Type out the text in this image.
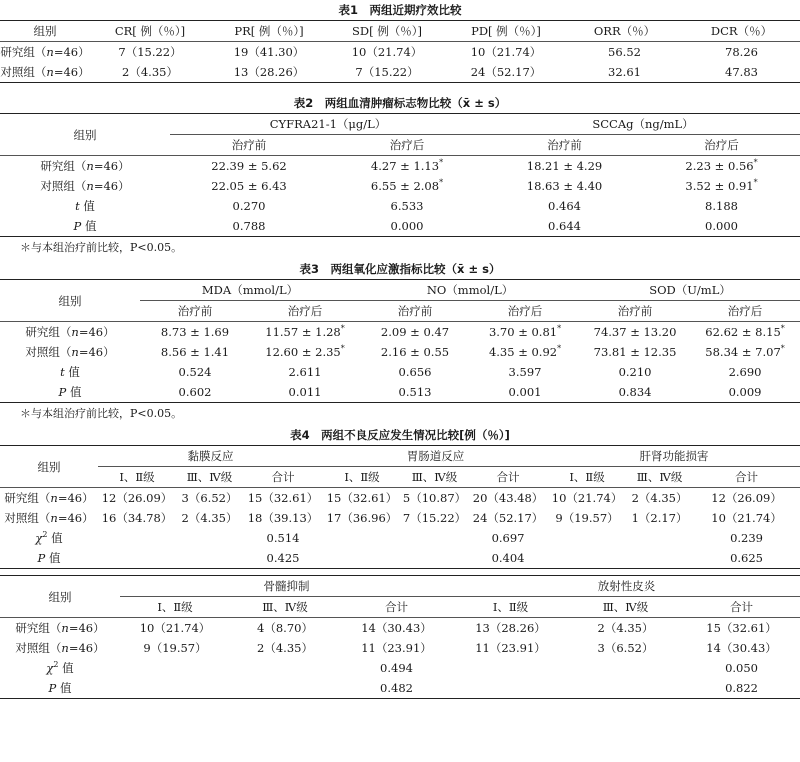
表1　两组近期疗效比较
组别	CR[ 例（％）]	PR[ 例（％）]	SD[ 例（％）]	PD[ 例（％）]	ORR（％）	DCR（％）
研究组（n=46）	7（15.22）	19（41.30）	10（21.74）	10（21.74）	56.52	78.26
对照组（n=46）	2（4.35）	13（28.26）	7（15.22）	24（52.17）	32.61	47.83
表2　两组血清肿瘤标志物比较（x̄ ± s）
组别	CYFRA21-1（μg/L）		SCCAg（ng/mL）	
	治疗前	治疗后	治疗前	治疗后
研究组（n=46）	22.39 ± 5.62	4.27 ± 1.13*	18.21 ± 4.29	2.23 ± 0.56*
对照组（n=46）	22.05 ± 6.43	6.55 ± 2.08*	18.63 ± 4.40	3.52 ± 0.91*
t 值	0.270	6.533	0.464	8.188
P 值	0.788	0.000	0.644	0.000
＊与本组治疗前比较，P<0.05。
表3　两组氧化应激指标比较（x̄ ± s）
组别	MDA（mmol/L）		NO（mmol/L）		SOD（U/mL）	
	治疗前	治疗后	治疗前	治疗后	治疗前	治疗后
研究组（n=46）	8.73 ± 1.69	11.57 ± 1.28*	2.09 ± 0.47	3.70 ± 0.81*	74.37 ± 13.20	62.62 ± 8.15*
对照组（n=46）	8.56 ± 1.41	12.60 ± 2.35*	2.16 ± 0.55	4.35 ± 0.92*	73.81 ± 12.35	58.34 ± 7.07*
t 值	0.524	2.611	0.656	3.597	0.210	2.690
P 值	0.602	0.011	0.513	0.001	0.834	0.009
＊与本组治疗前比较，P<0.05。
表4　两组不良反应发生情况比较[例（％）]
组别	黏膜反应			胃肠道反应			肝肾功能损害		
	Ⅰ、Ⅱ级	Ⅲ、Ⅳ级	合计	Ⅰ、Ⅱ级	Ⅲ、Ⅳ级	合计	Ⅰ、Ⅱ级	Ⅲ、Ⅳ级	合计
研究组（n=46）	12（26.09）	3（6.52）	15（32.61）	15（32.61）	5（10.87）	20（43.48）	10（21.74）	2（4.35）	12（26.09）
对照组（n=46）	16（34.78）	2（4.35）	18（39.13）	17（36.96）	7（15.22）	24（52.17）	9（19.57）	1（2.17）	10（21.74）
$\chi^2$ 值			0.514			0.697			0.239
P 值			0.425			0.404			0.625
组别	骨髓抑制			放射性皮炎		
	Ⅰ、Ⅱ级	Ⅲ、Ⅳ级	合计	Ⅰ、Ⅱ级	Ⅲ、Ⅳ级	合计
研究组（n=46）	10（21.74）	4（8.70）	14（30.43）	13（28.26）	2（4.35）	15（32.61）
对照组（n=46）	9（19.57）	2（4.35）	11（23.91）	11（23.91）	3（6.52）	14（30.43）
$\chi^2$ 值			0.494			0.050
P 值			0.482			0.822
